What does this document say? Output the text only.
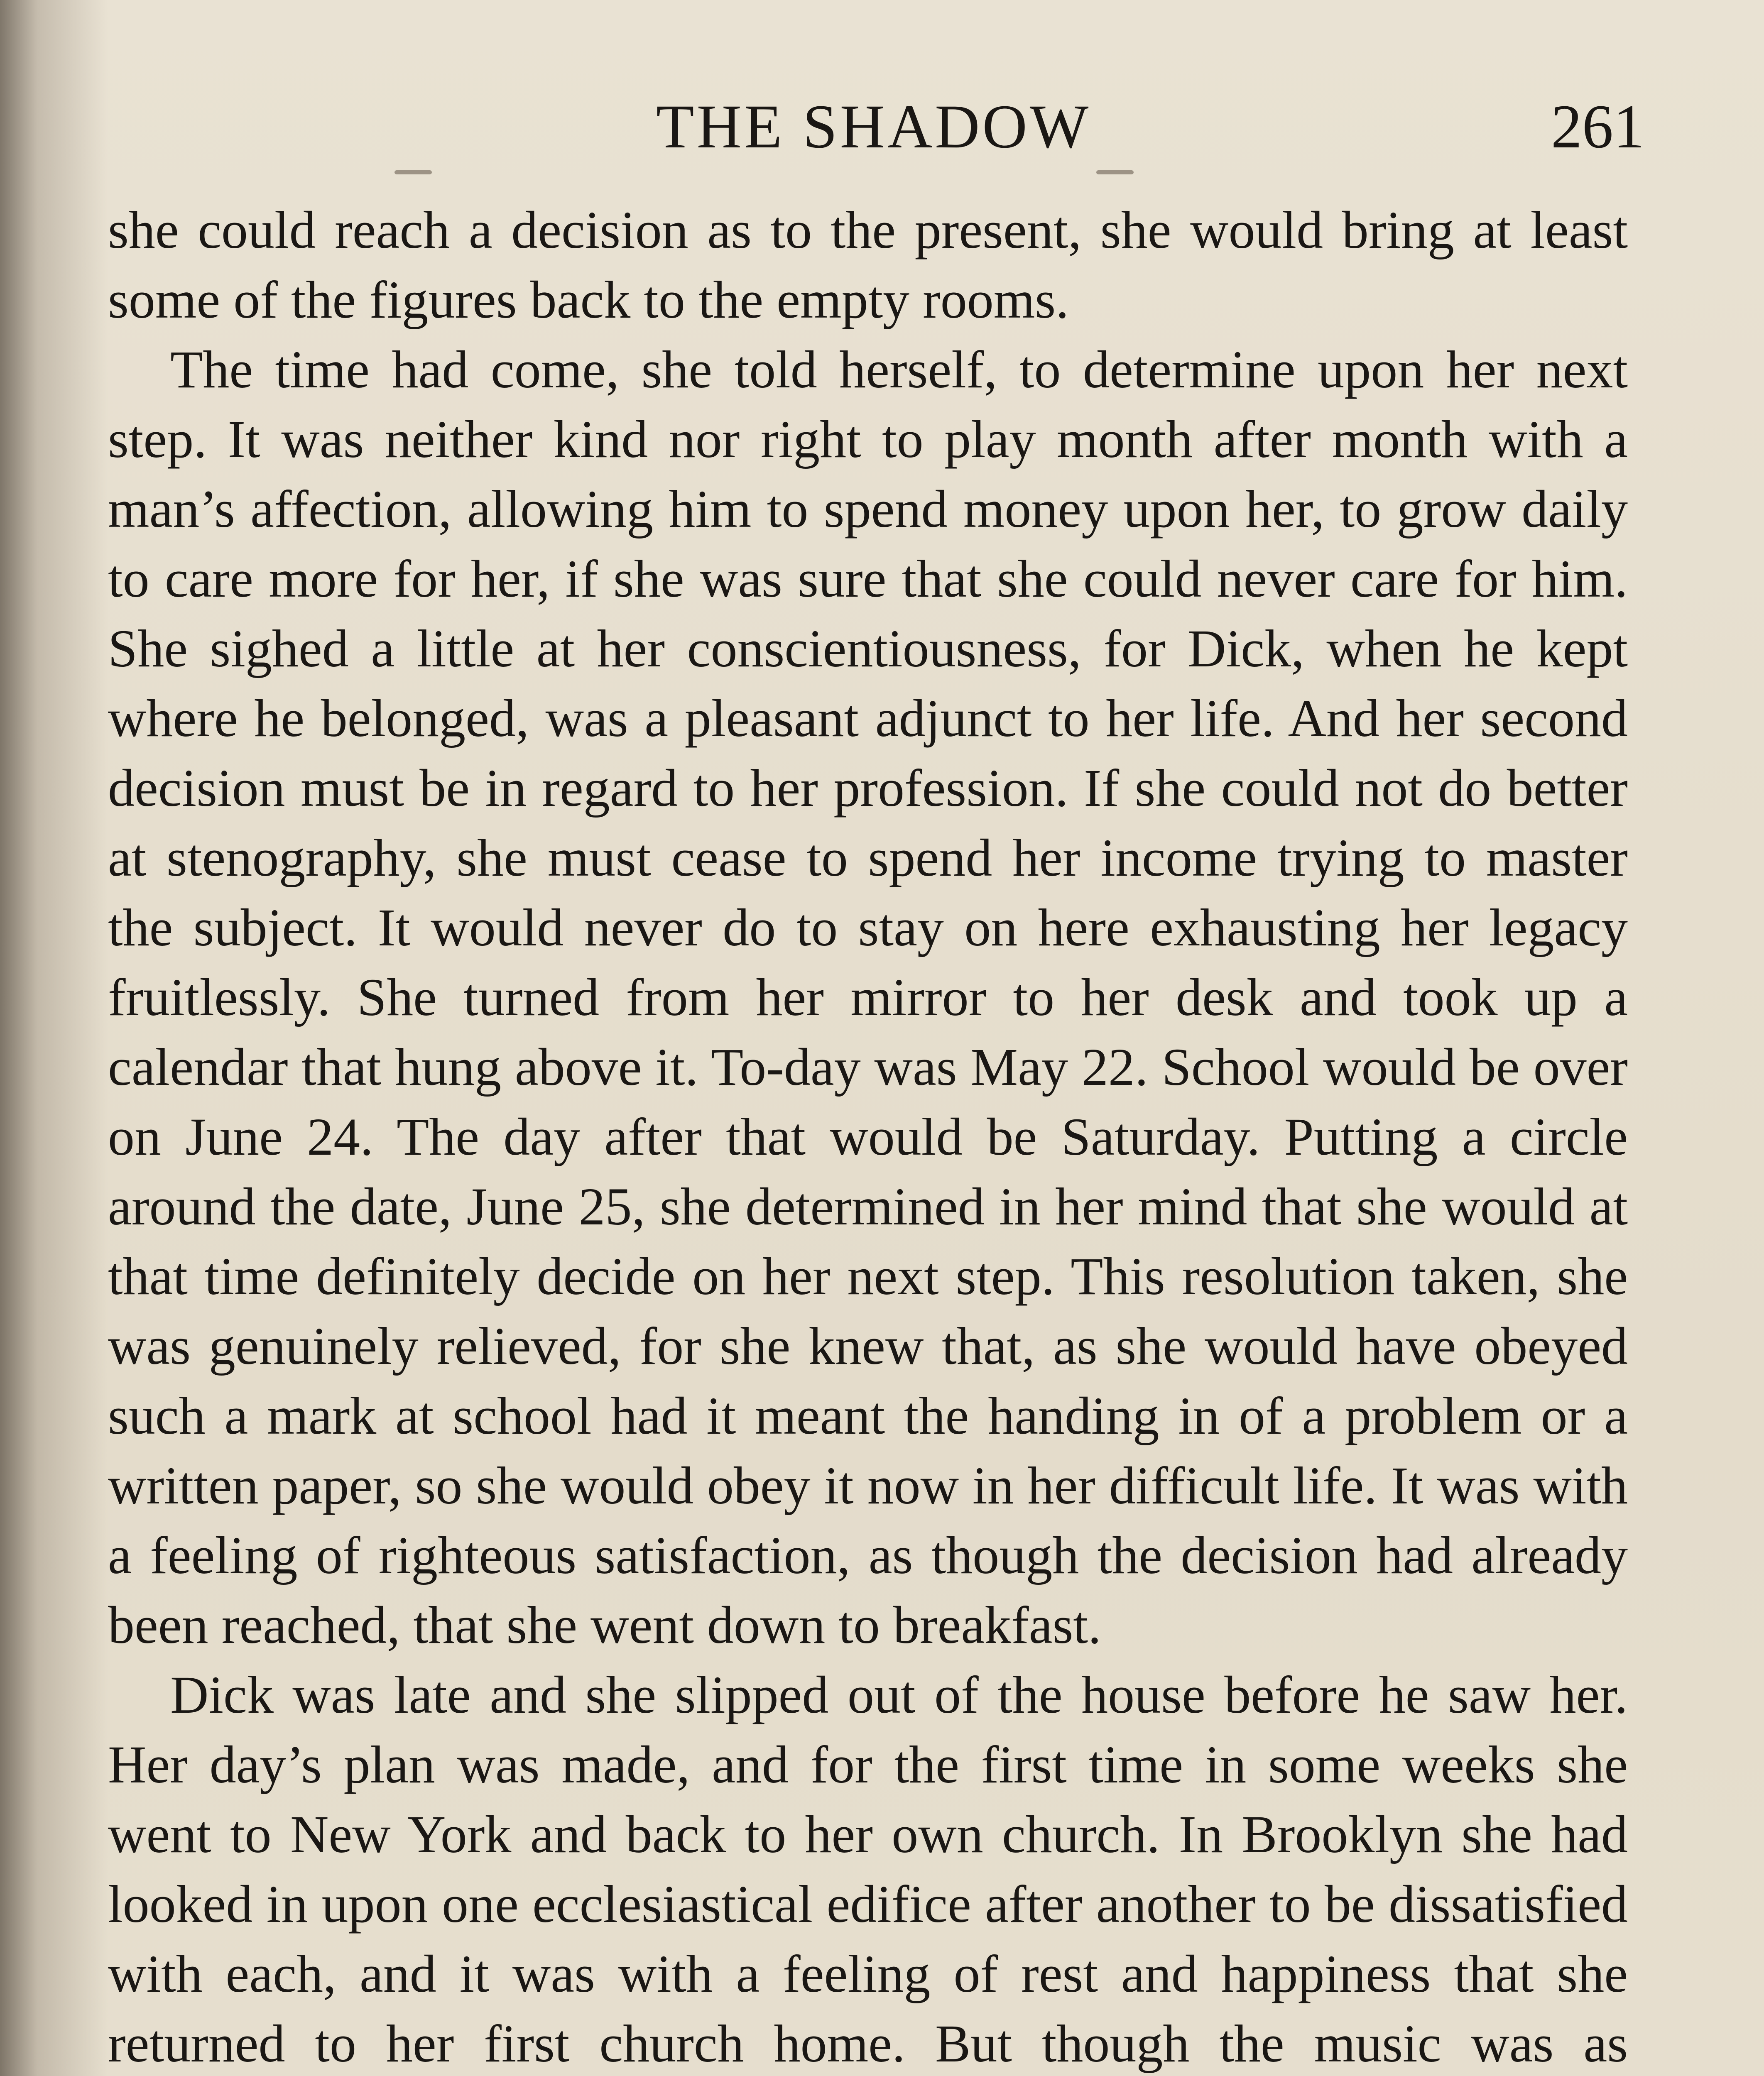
THE SHADOW	261

she could reach a decision as to the present, she would bring at least some of the figures back to the empty rooms.

The time had come, she told herself, to determine upon her next step. It was neither kind nor right to play month after month with a man’s affection, allowing him to spend money upon her, to grow daily to care more for her, if she was sure that she could never care for him. She sighed a little at her conscientiousness, for Dick, when he kept where he belonged, was a pleasant adjunct to her life. And her second decision must be in regard to her profession. If she could not do better at stenography, she must cease to spend her income trying to master the subject. It would never do to stay on here exhausting her legacy fruitlessly. She turned from her mirror to her desk and took up a calendar that hung above it. To-day was May 22. School would be over on June 24. The day after that would be Saturday. Putting a circle around the date, June 25, she determined in her mind that she would at that time definitely decide on her next step. This resolution taken, she was genuinely relieved, for she knew that, as she would have obeyed such a mark at school had it meant the handing in of a problem or a written paper, so she would obey it now in her difficult life. It was with a feeling of righteous satisfaction, as though the decision had already been reached, that she went down to breakfast.

Dick was late and she slipped out of the house before he saw her. Her day’s plan was made, and for the first time in some weeks she went to New York and back to her own church. In Brooklyn she had looked in upon one ecclesiastical edifice after another to be dissatisfied with each, and it was with a feeling of rest and happiness that she returned to her first church home. But though the music was as
